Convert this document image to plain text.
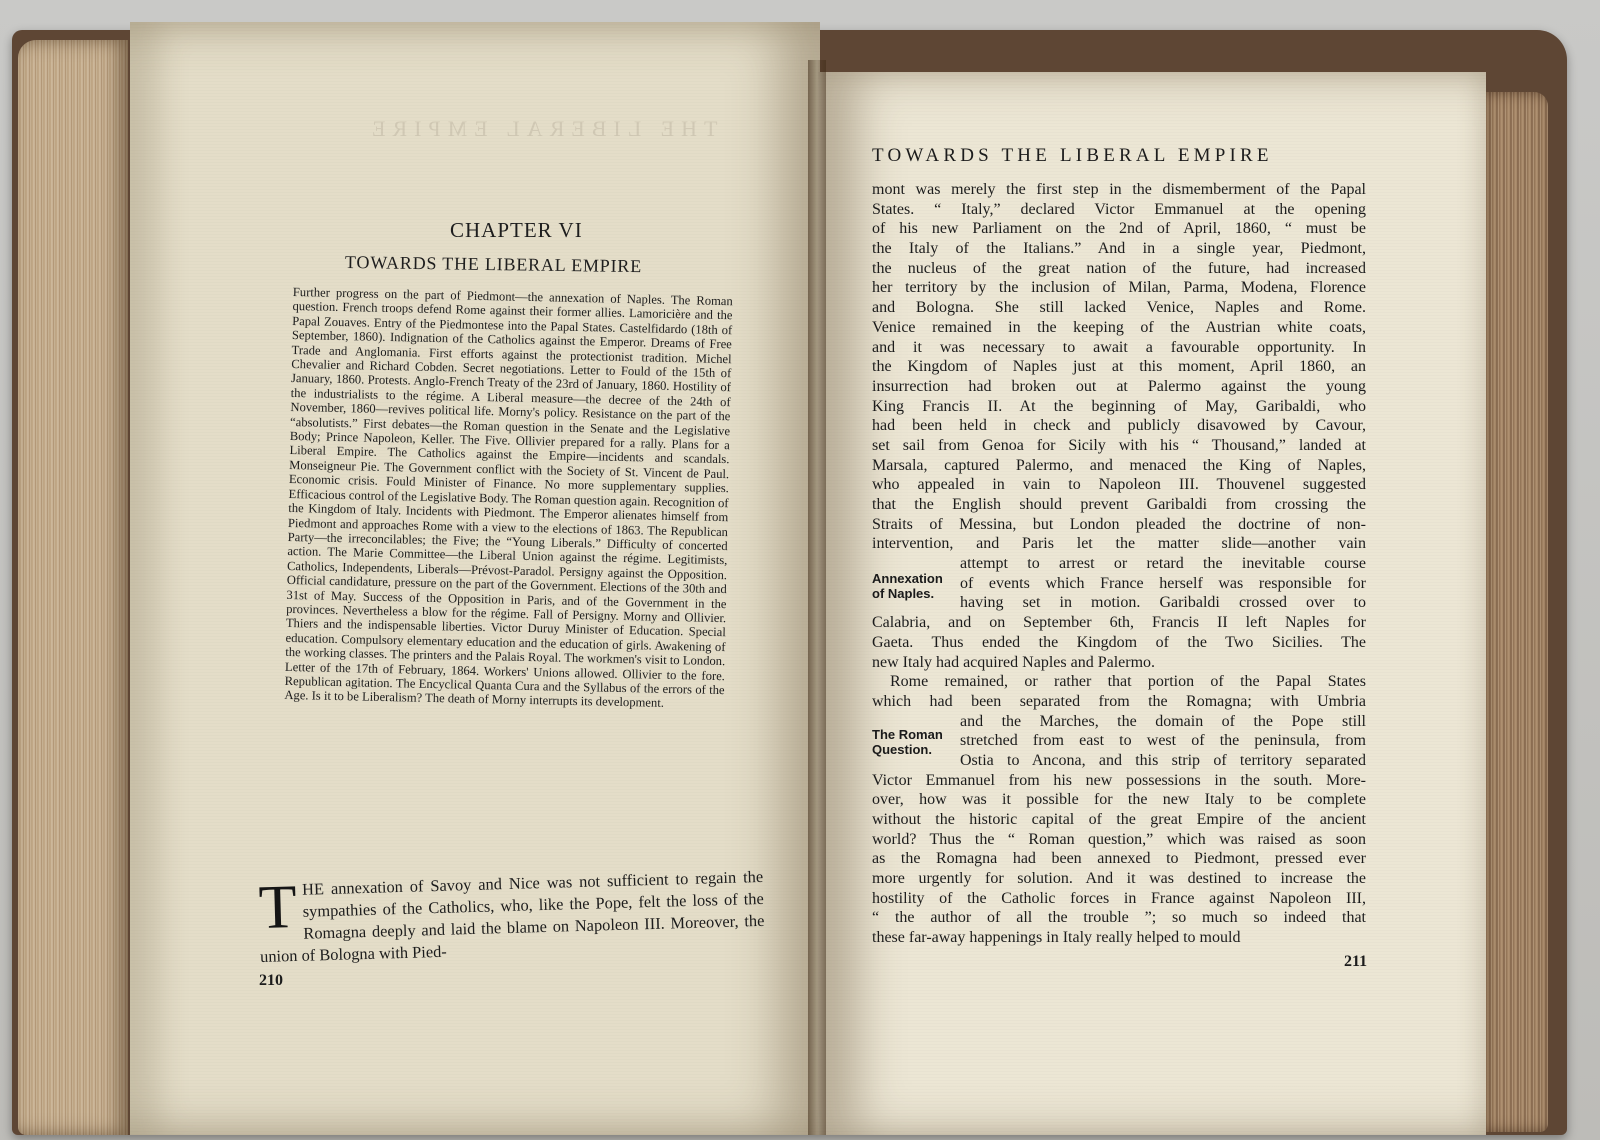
THE LIBERAL EMPIRE
CHAPTER VI
TOWARDS THE LIBERAL EMPIRE
Further progress on the part of Piedmont—the annexation of Naples. The Roman question. French troops defend Rome against their former allies. Lamoricière and the Papal Zouaves. Entry of the Piedmontese into the Papal States. Castelfidardo (18th of September, 1860). Indignation of the Catholics against the Emperor. Dreams of Free Trade and Anglomania. First efforts against the protectionist tradition. Michel Chevalier and Richard Cobden. Secret negotiations. Letter to Fould of the 15th of January, 1860. Protests. Anglo-French Treaty of the 23rd of January, 1860. Hostility of the industrialists to the régime. A Liberal measure—the decree of the 24th of November, 1860—revives political life. Morny's policy. Resistance on the part of the “absolutists.” First debates—the Roman question in the Senate and the Legislative Body; Prince Napoleon, Keller. The Five. Ollivier prepared for a rally. Plans for a Liberal Empire. The Catholics against the Empire—incidents and scandals. Monseigneur Pie. The Government conflict with the Society of St. Vincent de Paul. Economic crisis. Fould Minister of Finance. No more supplementary supplies. Efficacious control of the Legislative Body. The Roman question again. Recognition of the Kingdom of Italy. Incidents with Piedmont. The Emperor alienates himself from Piedmont and approaches Rome with a view to the elections of 1863. The Republican Party—the irreconcilables; the Five; the “Young Liberals.” Difficulty of concerted action. The Marie Committee—the Liberal Union against the régime. Legitimists, Catholics, Independents, Liberals—Prévost-Paradol. Persigny against the Opposition. Official candidature, pressure on the part of the Government. Elections of the 30th and 31st of May. Success of the Opposition in Paris, and of the Government in the provinces. Nevertheless a blow for the régime. Fall of Persigny. Morny and Ollivier. Thiers and the indispensable liberties. Victor Duruy Minister of Education. Special education. Compulsory elementary education and the education of girls. Awakening of the working classes. The printers and the Palais Royal. The workmen's visit to London. Letter of the 17th of February, 1864. Workers' Unions allowed. Ollivier to the fore. Republican agitation. The Encyclical Quanta Cura and the Syllabus of the errors of the Age. Is it to be Liberalism? The death of Morny interrupts its development.
T HE annexation of Savoy and Nice was not sufficient to regain the sympathies of the Catholics, who, like the Pope, felt the loss of the Romagna deeply and laid the blame on Napoleon III. Moreover, the union of Bologna with Pied-

210
TOWARDS THE LIBERAL EMPIRE
mont was merely the first step in the dismemberment of the Papal
States. “ Italy,” declared Victor Emmanuel at the opening
of his new Parliament on the 2nd of April, 1860, “ must be
the Italy of the Italians.” And in a single year, Piedmont,
the nucleus of the great nation of the future, had increased
her territory by the inclusion of Milan, Parma, Modena, Florence
and Bologna. She still lacked Venice, Naples and Rome.
Venice remained in the keeping of the Austrian white coats,
and it was necessary to await a favourable opportunity. In
the Kingdom of Naples just at this moment, April 1860, an
insurrection had broken out at Palermo against the young
King Francis II. At the beginning of May, Garibaldi, who
had been held in check and publicly disavowed by Cavour,
set sail from Genoa for Sicily with his “ Thousand,” landed at
Marsala, captured Palermo, and menaced the King of Naples,
who appealed in vain to Napoleon III. Thouvenel suggested
that the English should prevent Garibaldi from crossing the
Straits of Messina, but London pleaded the doctrine of non-
intervention, and Paris let the matter slide—another vain
attempt to arrest or retard the inevitable course
of events which France herself was responsible for
having set in motion. Garibaldi crossed over to
Calabria, and on September 6th, Francis II left Naples for
Gaeta. Thus ended the Kingdom of the Two Sicilies. The
new Italy had acquired Naples and Palermo.
Rome remained, or rather that portion of the Papal States
which had been separated from the Romagna; with Umbria
and the Marches, the domain of the Pope still
stretched from east to west of the peninsula, from
Ostia to Ancona, and this strip of territory separated
Victor Emmanuel from his new possessions in the south. More-
over, how was it possible for the new Italy to be complete
without the historic capital of the great Empire of the ancient
world? Thus the “ Roman question,” which was raised as soon
as the Romagna had been annexed to Piedmont, pressed ever
more urgently for solution. And it was destined to increase the
hostility of the Catholic forces in France against Napoleon III,
“ the author of all the trouble ”; so much so indeed that
these far-away happenings in Italy really helped to mould
Annexation of Naples.
The Roman Question.
211
